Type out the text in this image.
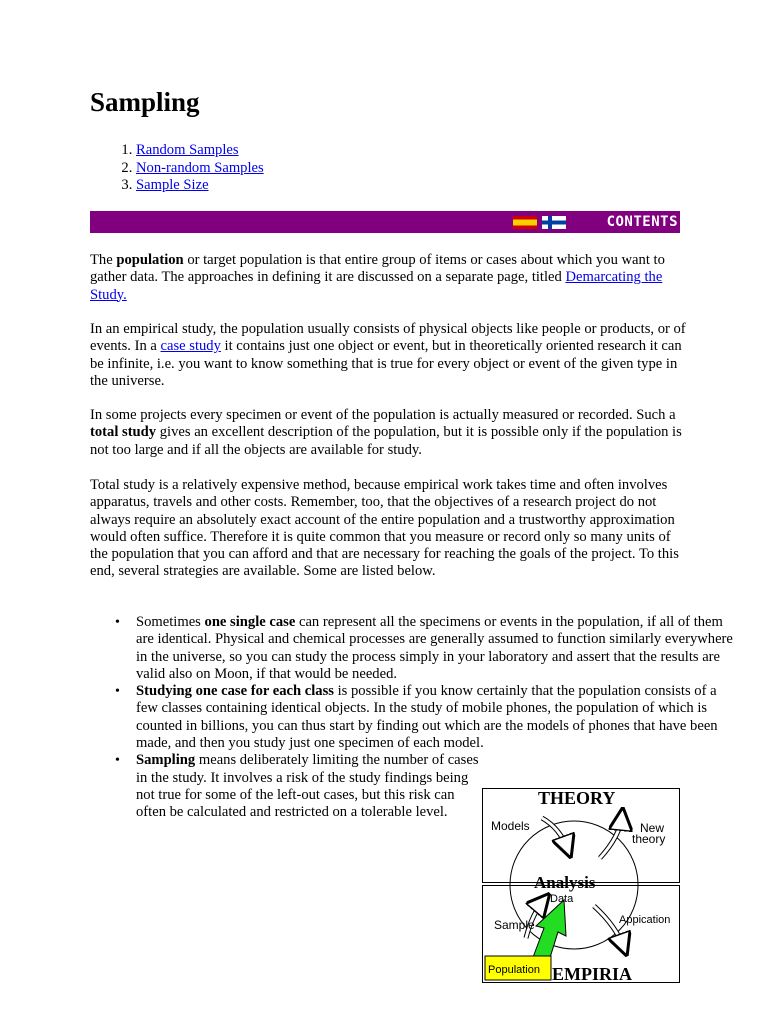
Sampling
1. Random Samples
2. Non-random Samples
3. Sample Size
CONTENTS

The population or target population is that entire group of items or cases about which you want to gather data. The approaches in defining it are discussed on a separate page, titled Demarcating the Study.

In an empirical study, the population usually consists of physical objects like people or products, or of events. In a case study it contains just one object or event, but in theoretically oriented research it can be infinite, i.e. you want to know something that is true for every object or event of the given type in the universe.

In some projects every specimen or event of the population is actually measured or recorded. Such a total study gives an excellent description of the population, but it is possible only if the population is not too large and if all the objects are available for study.

Total study is a relatively expensive method, because empirical work takes time and often involves apparatus, travels and other costs. Remember, too, that the objectives of a research project do not always require an absolutely exact account of the entire population and a trustworthy approximation would often suffice. Therefore it is quite common that you measure or record only so many units of the population that you can afford and that are necessary for reaching the goals of the project. To this end, several strategies are available. Some are listed below.

• Sometimes one single case can represent all the specimens or events in the population, if all of them are identical. Physical and chemical processes are generally assumed to function similarly everywhere in the universe, so you can study the process simply in your laboratory and assert that the results are valid also on Moon, if that would be needed.
• Studying one case for each class is possible if you know certainly that the population consists of a few classes containing identical objects. In the study of mobile phones, the population of which is counted in billions, you can thus start by finding out which are the models of phones that have been made, and then you study just one specimen of each model.
• Sampling means deliberately limiting the number of cases in the study. It involves a risk of the study findings being not true for some of the left-out cases, but this risk can often be calculated and restricted on a tolerable level.
THEORY
Models	New
theory
Analysis
Data
Sample	Appication
Population EMPIRIA
